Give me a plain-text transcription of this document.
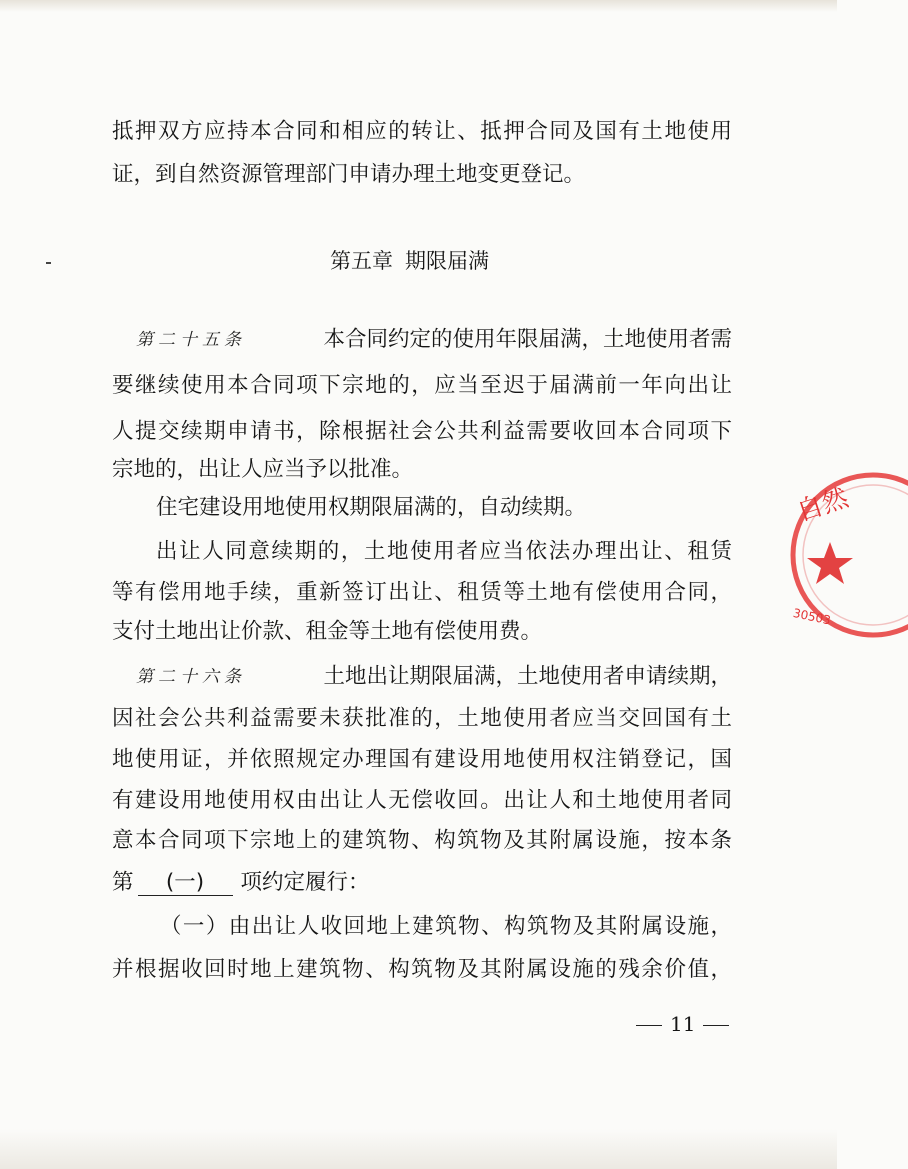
抵押双方应持本合同和相应的转让、抵押合同及国有土地使用
证，到自然资源管理部门申请办理土地变更登记。
第五章 期限届满
第二十五条	本合同约定的使用年限届满，土地使用者需
要继续使用本合同项下宗地的，应当至迟于届满前一年向出让
人提交续期申请书，除根据社会公共利益需要收回本合同项下
宗地的，出让人应当予以批准。
住宅建设用地使用权期限届满的，自动续期。
出让人同意续期的，土地使用者应当依法办理出让、租赁
等有偿用地手续，重新签订出让、租赁等土地有偿使用合同，
支付土地出让价款、租金等土地有偿使用费。
第二十六条	土地出让期限届满，土地使用者申请续期，
因社会公共利益需要未获批准的，土地使用者应当交回国有土
地使用证，并依照规定办理国有建设用地使用权注销登记，国
有建设用地使用权由出让人无偿收回。出让人和土地使用者同
意本合同项下宗地上的建筑物、构筑物及其附属设施，按本条
第 (一) 项约定履行：
（一）由出让人收回地上建筑物、构筑物及其附属设施，
并根据收回时地上建筑物、构筑物及其附属设施的残余价值，
11
自然
30503
